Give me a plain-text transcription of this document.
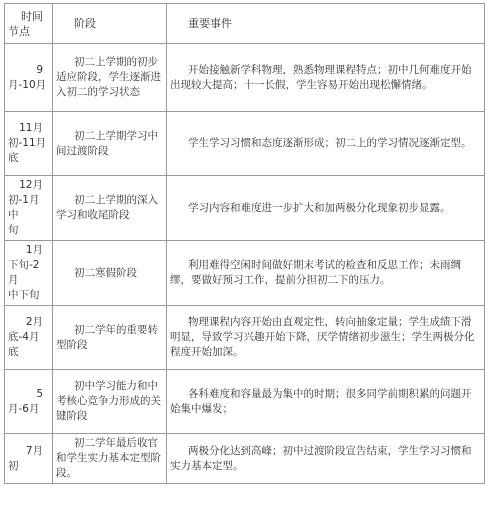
时间
节点	阶段	重要事件

9
月-10月	初二上学期的初步适应阶段，学生逐渐进入初二的学习状态	开始接触新学科物理，熟悉物理课程特点；初中几何难度开始出现较大提高；十一长假，学生容易开始出现松懈情绪。

11月
初-11月
底	初二上学期学习中间过渡阶段	学生学习习惯和态度逐渐形成；初二上的学习情况逐渐定型。

12月
初-1月中
旬	初二上学期的深入学习和收尾阶段	学习内容和难度进一步扩大和加两极分化现象初步显露。

1月
下旬-2月
中下旬	初二寒假阶段	利用难得空闲时间做好期末考试的检查和反思工作；未雨绸缪，要做好预习工作，提前分担初二下的压力。

2月
底-4月底	初二学年的重要转型阶段	物理课程内容开始由直观定性，转向抽象定量；学生成绩下滑明显，导致学习兴趣开始下降，厌学情绪初步滋生；学生两极分化程度开始加深。

5
月-6月	初中学习能力和中考核心竞争力形成的关键阶段	各科难度和容量最为集中的时期；很多同学前期积累的问题开始集中爆发；

7月
初	初二学年最后收官和学生实力基本定型阶段。	两极分化达到高峰；初中过渡阶段宣告结束，学生学习习惯和实力基本定型。
